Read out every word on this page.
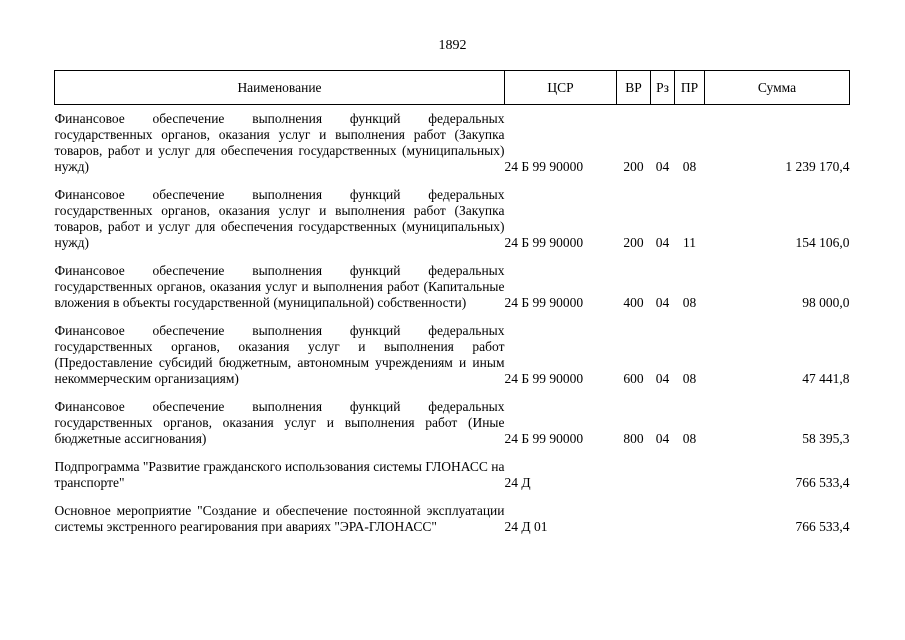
1892
Наименование	ЦСР	ВР	Рз	ПР	Сумма
Финансовое обеспечение выполнения функций федеральных государственных органов, оказания услуг и выполнения работ (Закупка товаров, работ и услуг для обеспечения государственных (муниципальных) нужд)	24 Б 99 90000	200	04	08	1 239 170,4
Финансовое обеспечение выполнения функций федеральных государственных органов, оказания услуг и выполнения работ (Закупка товаров, работ и услуг для обеспечения государственных (муниципальных) нужд)	24 Б 99 90000	200	04	11	154 106,0
Финансовое обеспечение выполнения функций федеральных государственных органов, оказания услуг и выполнения работ (Капитальные вложения в объекты государственной (муниципальной) собственности)	24 Б 99 90000	400	04	08	98 000,0
Финансовое обеспечение выполнения функций федеральных государственных органов, оказания услуг и выполнения работ (Предоставление субсидий бюджетным, автономным учреждениям и иным некоммерческим организациям)	24 Б 99 90000	600	04	08	47 441,8
Финансовое обеспечение выполнения функций федеральных государственных органов, оказания услуг и выполнения работ (Иные бюджетные ассигнования)	24 Б 99 90000	800	04	08	58 395,3
Подпрограмма "Развитие гражданского использования системы ГЛОНАСС на транспорте"	24 Д				766 533,4
Основное мероприятие "Создание и обеспечение постоянной эксплуатации системы экстренного реагирования при авариях "ЭРА-ГЛОНАСС"	24 Д 01				766 533,4
